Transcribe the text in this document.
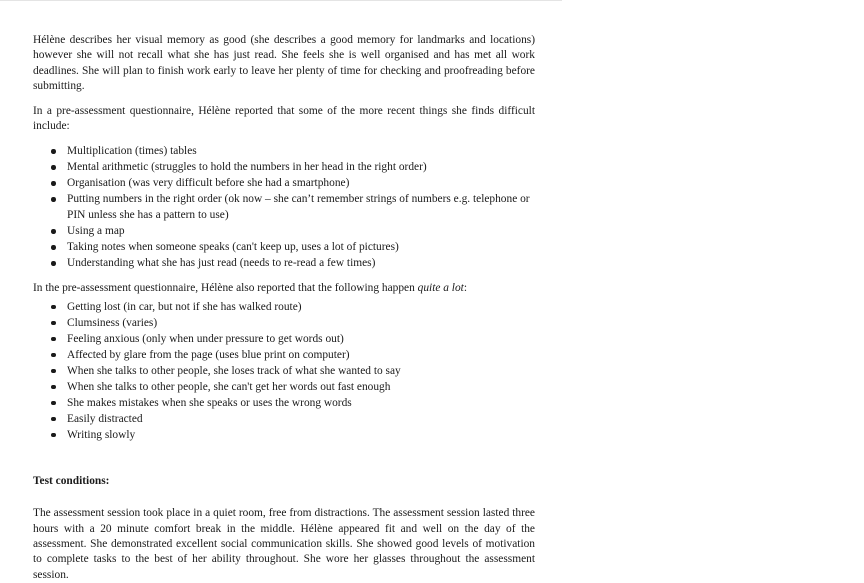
Hélène describes her visual memory as good (she describes a good memory for landmarks and locations) however she will not recall what she has just read. She feels she is well organised and has met all work deadlines. She will plan to finish work early to leave her plenty of time for checking and proofreading before submitting.

In a pre-assessment questionnaire, Hélène reported that some of the more recent things she finds difficult include:

Multiplication (times) tables
Mental arithmetic (struggles to hold the numbers in her head in the right order)
Organisation (was very difficult before she had a smartphone)
Putting numbers in the right order (ok now – she can’t remember strings of numbers e.g. telephone or PIN unless she has a pattern to use)
Using a map
Taking notes when someone speaks (can't keep up, uses a lot of pictures)
Understanding what she has just read (needs to re-read a few times)

In the pre-assessment questionnaire, Hélène also reported that the following happen quite a lot:

Getting lost (in car, but not if she has walked route)
Clumsiness (varies)
Feeling anxious (only when under pressure to get words out)
Affected by glare from the page (uses blue print on computer)
When she talks to other people, she loses track of what she wanted to say
When she talks to other people, she can't get her words out fast enough
She makes mistakes when she speaks or uses the wrong words
Easily distracted
Writing slowly

Test conditions:

The assessment session took place in a quiet room, free from distractions. The assessment session lasted three hours with a 20 minute comfort break in the middle. Hélène appeared fit and well on the day of the assessment. She demonstrated excellent social communication skills. She showed good levels of motivation to complete tasks to the best of her ability throughout. She wore her glasses throughout the assessment session.
